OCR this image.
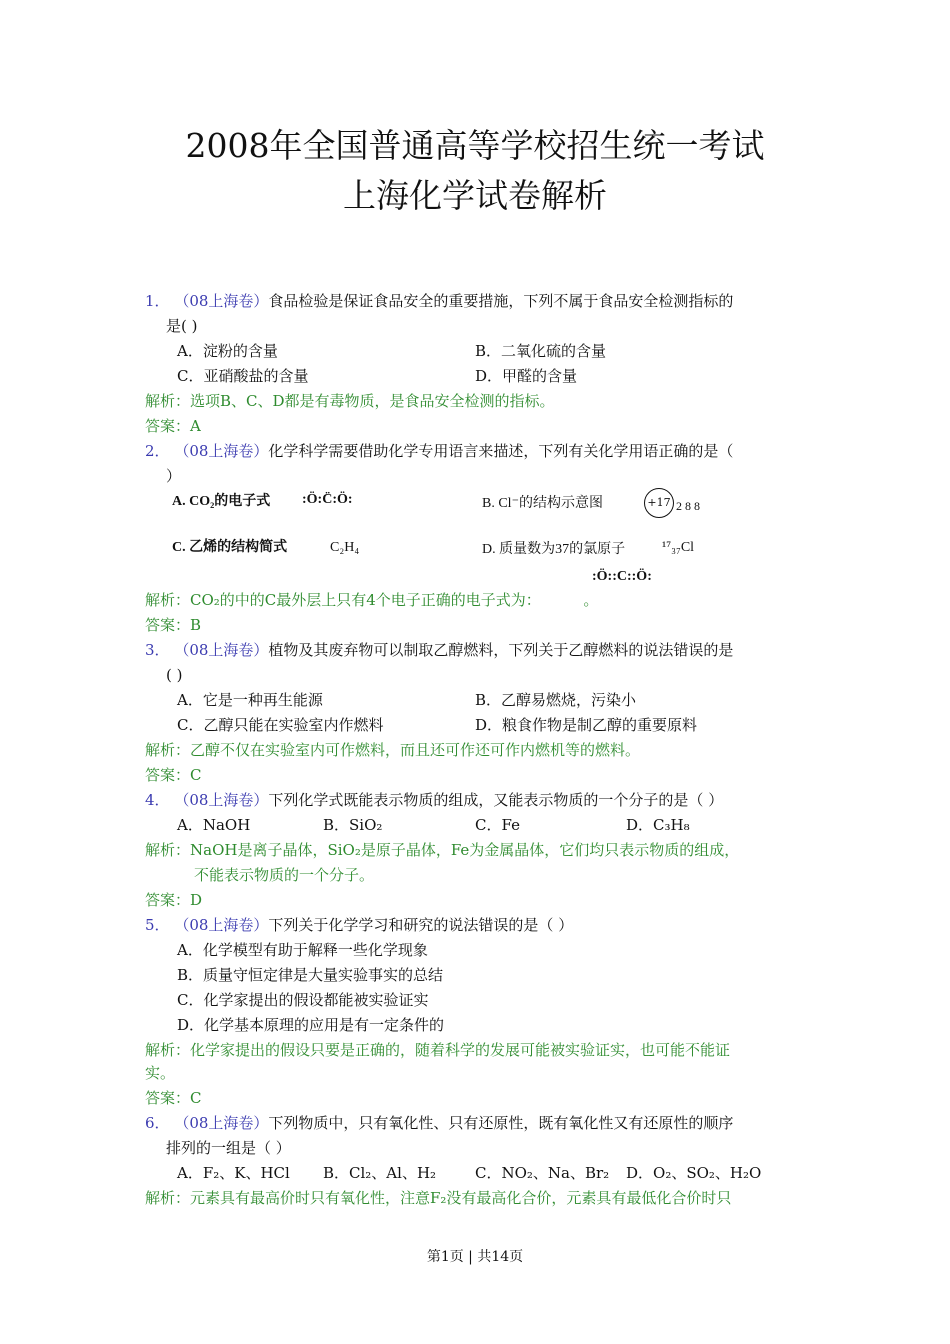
2008年全国普通高等学校招生统一考试
上海化学试卷解析
1． （08上海卷）食品检验是保证食品安全的重要措施，下列不属于食品安全检测指标的
是( )
A．淀粉的含量	B．二氧化硫的含量
C．亚硝酸盐的含量	D．甲醛的含量
解析：选项B、C、D都是有毒物质，是食品安全检测的指标。
答案：A
2． （08上海卷）化学科学需要借助化学专用语言来描述，下列有关化学用语正确的是（
）
A. CO₂的电子式 :Ö:C̈:Ö:	B. Cl⁻的结构示意图	+17 2 8 8
C. 乙烯的结构简式	C₂H₄	D. 质量数为37的氯原子	¹⁷₃₇Cl
:Ö::C::Ö:
解析：CO₂的中的C最外层上只有4个电子正确的电子式为：	。
答案：B
3． （08上海卷）植物及其废弃物可以制取乙醇燃料，下列关于乙醇燃料的说法错误的是
( )
A．它是一种再生能源	B．乙醇易燃烧，污染小
C．乙醇只能在实验室内作燃料	D．粮食作物是制乙醇的重要原料
解析：乙醇不仅在实验室内可作燃料，而且还可作还可作内燃机等的燃料。
答案：C
4． （08上海卷）下列化学式既能表示物质的组成，又能表示物质的一个分子的是（ ）
A．NaOH	B．SiO₂	C．Fe	D．C₃H₈
解析：NaOH是离子晶体，SiO₂是原子晶体，Fe为金属晶体，它们均只表示物质的组成，
不能表示物质的一个分子。
答案：D
5． （08上海卷）下列关于化学学习和研究的说法错误的是（ ）
A．化学模型有助于解释一些化学现象
B．质量守恒定律是大量实验事实的总结
C．化学家提出的假设都能被实验证实
D．化学基本原理的应用是有一定条件的
解析：化学家提出的假设只要是正确的，随着科学的发展可能被实验证实，也可能不能证
实。
答案：C
6． （08上海卷）下列物质中，只有氧化性、只有还原性，既有氧化性又有还原性的顺序
排列的一组是（ ）
A．F₂、K、HCl B．Cl₂、Al、H₂	C．NO₂、Na、Br₂ D．O₂、SO₂、H₂O
解析：元素具有最高价时只有氧化性，注意F₂没有最高化合价，元素具有最低化合价时只
第1页 | 共14页
